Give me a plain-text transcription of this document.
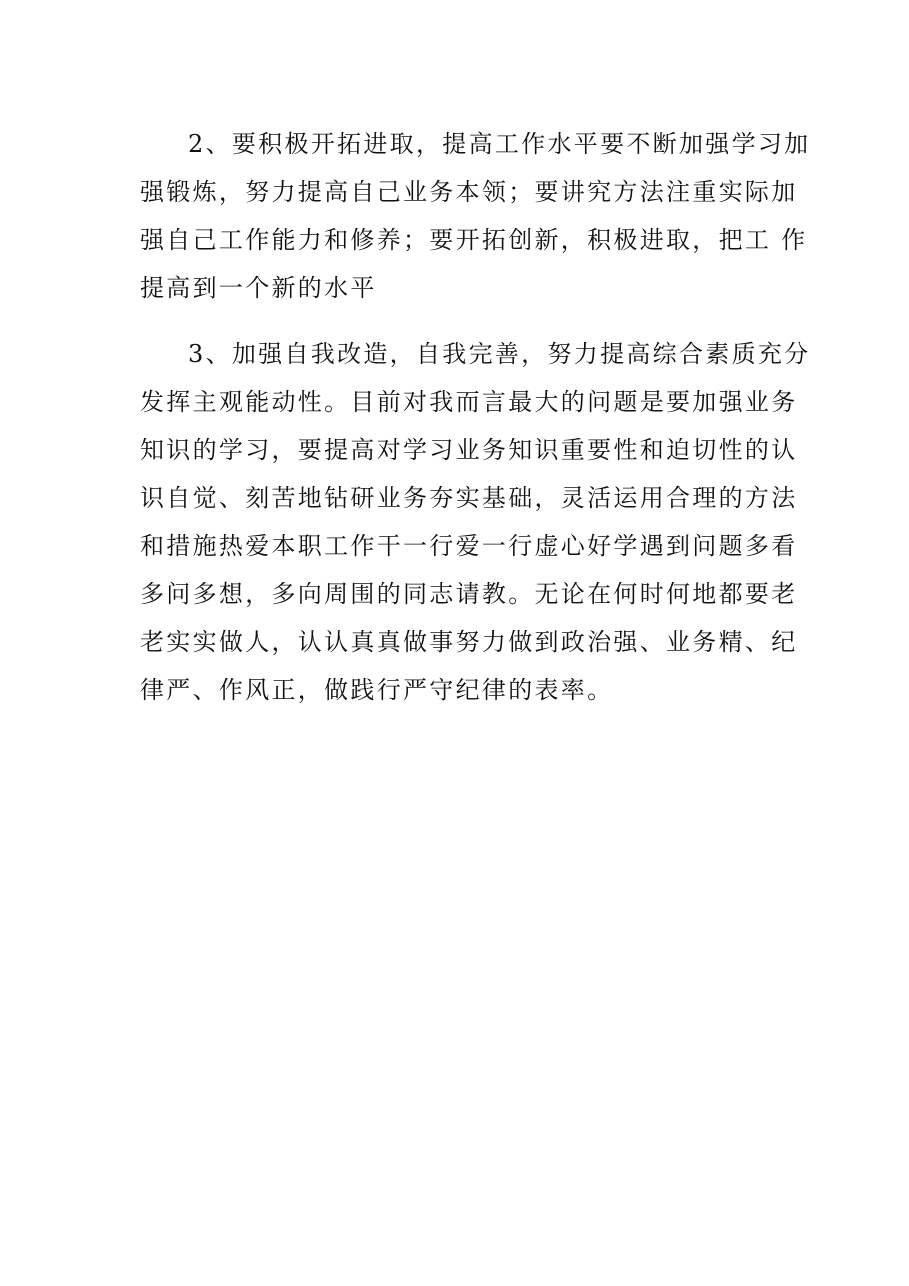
2、要积极开拓进取，提高工作水平要不断加强学习加
强锻炼，努力提高自己业务本领；要讲究方法注重实际加
强自己工作能力和修养；要开拓创新，积极进取，把工 作
提高到一个新的水平
3、加强自我改造，自我完善，努力提高综合素质充分
发挥主观能动性。目前对我而言最大的问题是要加强业务
知识的学习，要提高对学习业务知识重要性和迫切性的认
识自觉、刻苦地钻研业务夯实基础，灵活运用合理的方法
和措施热爱本职工作干一行爱一行虚心好学遇到问题多看
多问多想，多向周围的同志请教。无论在何时何地都要老
老实实做人，认认真真做事努力做到政治强、业务精、纪
律严、作风正，做践行严守纪律的表率。
